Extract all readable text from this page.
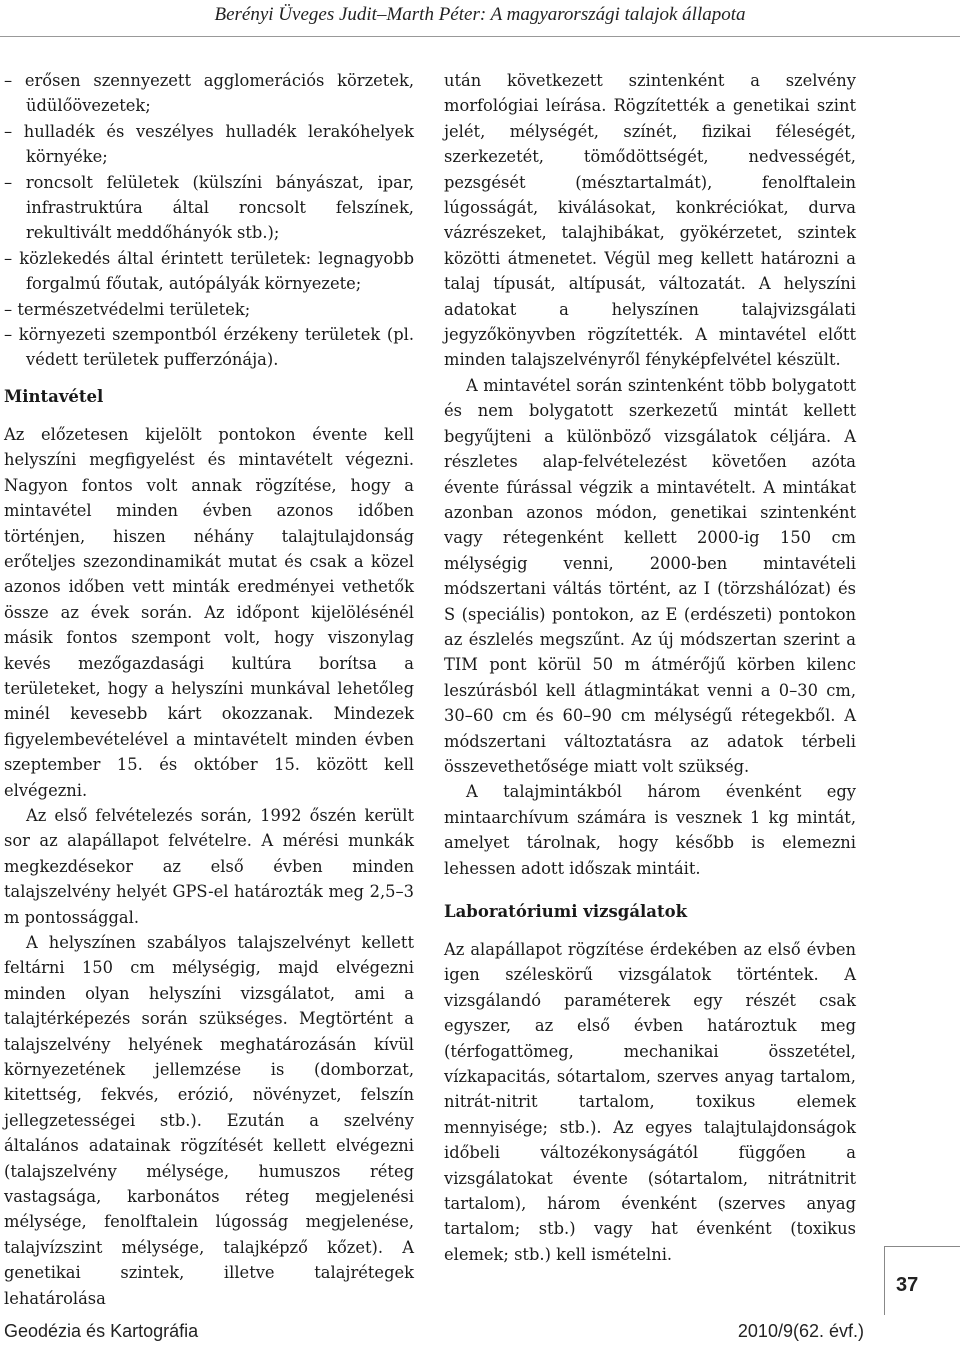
Berényi Üveges Judit–Marth Péter: A magyarországi talajok állapota
– erősen szennyezett agglomerációs körzetek, üdülőövezetek;
– hulladék és veszélyes hulladék lerakóhelyek környéke;
– roncsolt felületek (külszíni bányászat, ipar, infrastruktúra által roncsolt felszínek, rekultivált meddőhányók stb.);
– közlekedés által érintett területek: legnagyobb forgalmú főutak, autópályák környezete;
– természetvédelmi területek;
– környezeti szempontból érzékeny területek (pl. védett területek pufferzónája).
Mintavétel

Az előzetesen kijelölt pontokon évente kell helyszíni megfigyelést és mintavételt végezni. Nagyon fontos volt annak rögzítése, hogy a mintavétel minden évben azonos időben történjen, hiszen néhány talajtulajdonság erőteljes szezondinamikát mutat és csak a közel azonos időben vett minták eredményei vethetők össze az évek során. Az időpont kijelölésénél másik fontos szempont volt, hogy viszonylag kevés mezőgazdasági kultúra borítsa a területeket, hogy a helyszíni munkával lehetőleg minél kevesebb kárt okozzanak. Mindezek figyelembevételével a mintavételt minden évben szeptember 15. és október 15. között kell elvégezni.

Az első felvételezés során, 1992 őszén került sor az alapállapot felvételre. A mérési munkák megkezdésekor az első évben minden talajszelvény helyét GPS-el határozták meg 2,5–3 m pontossággal.

A helyszínen szabályos talajszelvényt kellett feltárni 150 cm mélységig, majd elvégezni minden olyan helyszíni vizsgálatot, ami a talajtérképezés során szükséges. Megtörtént a talajszelvény helyének meghatározásán kívül környezetének jellemzése is (domborzat, kitettség, fekvés, erózió, növényzet, felszín jellegzetességei stb.). Ezután a szelvény általános adatainak rögzítését kellett elvégezni (talajszelvény mélysége, humuszos réteg vastagsága, karbonátos réteg megjelenési mélysége, fenolftalein lúgosság megjelenése, talajvízszint mélysége, talajképző kőzet). A genetikai szintek, illetve talajrétegek lehatárolása

után következett szintenként a szelvény morfológiai leírása. Rögzítették a genetikai szint jelét, mélységét, színét, fizikai féleségét, szerkezetét, tömődöttségét, nedvességét, pezsgését (mésztartalmát), fenolftalein lúgosságát, kiválásokat, konkréciókat, durva vázrészeket, talajhibákat, gyökérzetet, szintek közötti átmenetet. Végül meg kellett határozni a talaj típusát, altípusát, változatát. A helyszíni adatokat a helyszínen talajvizsgálati jegyzőkönyvben rögzítették. A mintavétel előtt minden talajszelvényről fényképfelvétel készült.

A mintavétel során szintenként több bolygatott és nem bolygatott szerkezetű mintát kellett begyűjteni a különböző vizsgálatok céljára. A részletes alap-felvételezést követően azóta évente fúrással végzik a mintavételt. A mintákat azonban azonos módon, genetikai szintenként vagy rétegenként kellett 2000-ig 150 cm mélységig venni, 2000-ben mintavételi módszertani váltás történt, az I (törzshálózat) és S (speciális) pontokon, az E (erdészeti) pontokon az észlelés megszűnt. Az új módszertan szerint a TIM pont körül 50 m átmérőjű körben kilenc leszúrásból kell átlagmintákat venni a 0–30 cm, 30–60 cm és 60–90 cm mélységű rétegekből. A módszertani változtatásra az adatok térbeli összevethetősége miatt volt szükség.

A talajmintákból három évenként egy mintaarchívum számára is vesznek 1 kg mintát, amelyet tárolnak, hogy később is elemezni lehessen adott időszak mintáit.

Laboratóriumi vizsgálatok

Az alapállapot rögzítése érdekében az első évben igen széleskörű vizsgálatok történtek. A vizsgálandó paraméterek egy részét csak egyszer, az első évben határoztuk meg (térfogattömeg, mechanikai összetétel, vízkapacitás, sótartalom, szerves anyag tartalom, nitrát-nitrit tartalom, toxikus elemek mennyisége; stb.). Az egyes talajtulajdonságok időbeli változékonyságától függően a vizsgálatokat évente (sótartalom, nitrátnitrit tartalom), három évenként (szerves anyag tartalom; stb.) vagy hat évenként (toxikus elemek; stb.) kell ismételni.

37
Geodézia és Kartográfia	2010/9(62. évf.)
